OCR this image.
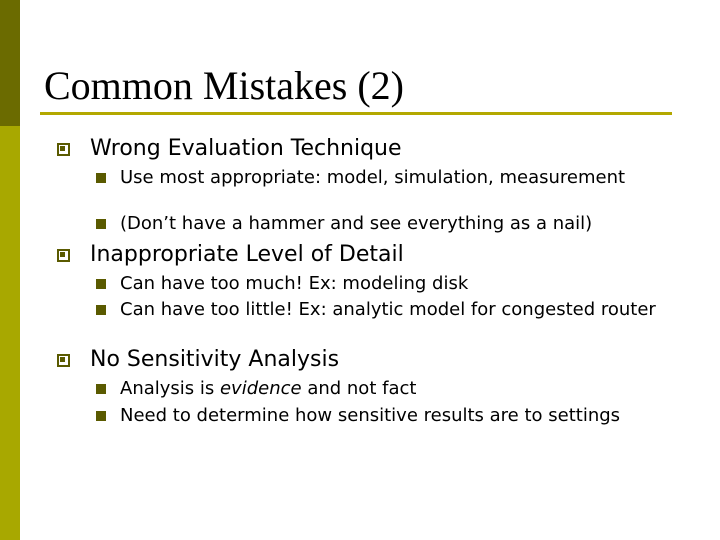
Common Mistakes (2)
Wrong Evaluation Technique
Use most appropriate: model, simulation, measurement
(Don’t have a hammer and see everything as a nail)
Inappropriate Level of Detail
Can have too much! Ex: modeling disk
Can have too little! Ex: analytic model for congested router
No Sensitivity Analysis
Analysis is evidence and not fact
Need to determine how sensitive results are to settings
